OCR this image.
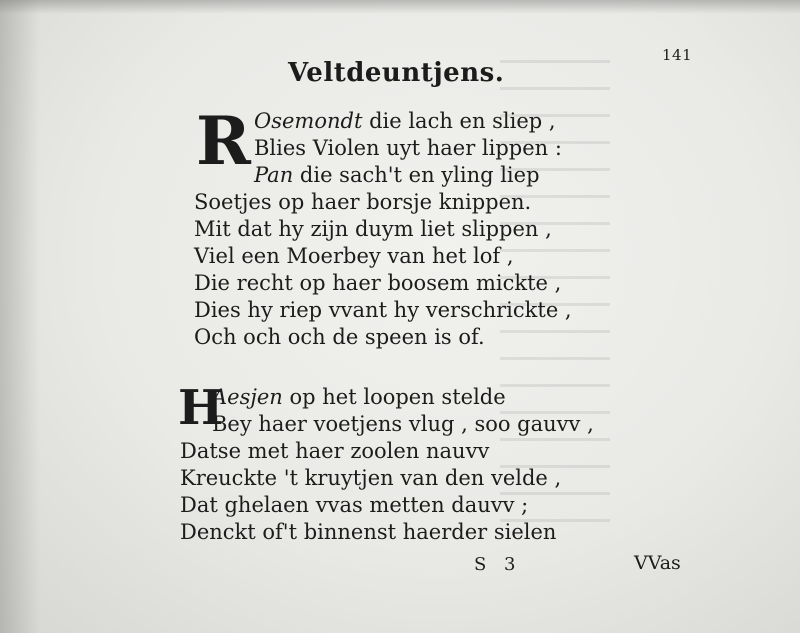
141
Veltdeuntjens.
R Osemondt die lach en sliep ,
Blies Violen uyt haer lippen :
Pan die sach't en yling liep
Soetjes op haer borsje knippen.
Mit dat hy zijn duym liet slippen ,
Viel een Moerbey van het lof ,
Die recht op haer boosem mickte ,
Dies hy riep vvant hy verschrickte ,
Och och och de speen is of.
H
Aesjen op het loopen stelde
Bey haer voetjens vlug , soo gauvv ,
Datse met haer zoolen nauvv
Kreuckte 't kruytjen van den velde ,
Dat ghelaen vvas metten dauvv ;
Denckt of't binnenst haerder sielen
S 3	VVas
